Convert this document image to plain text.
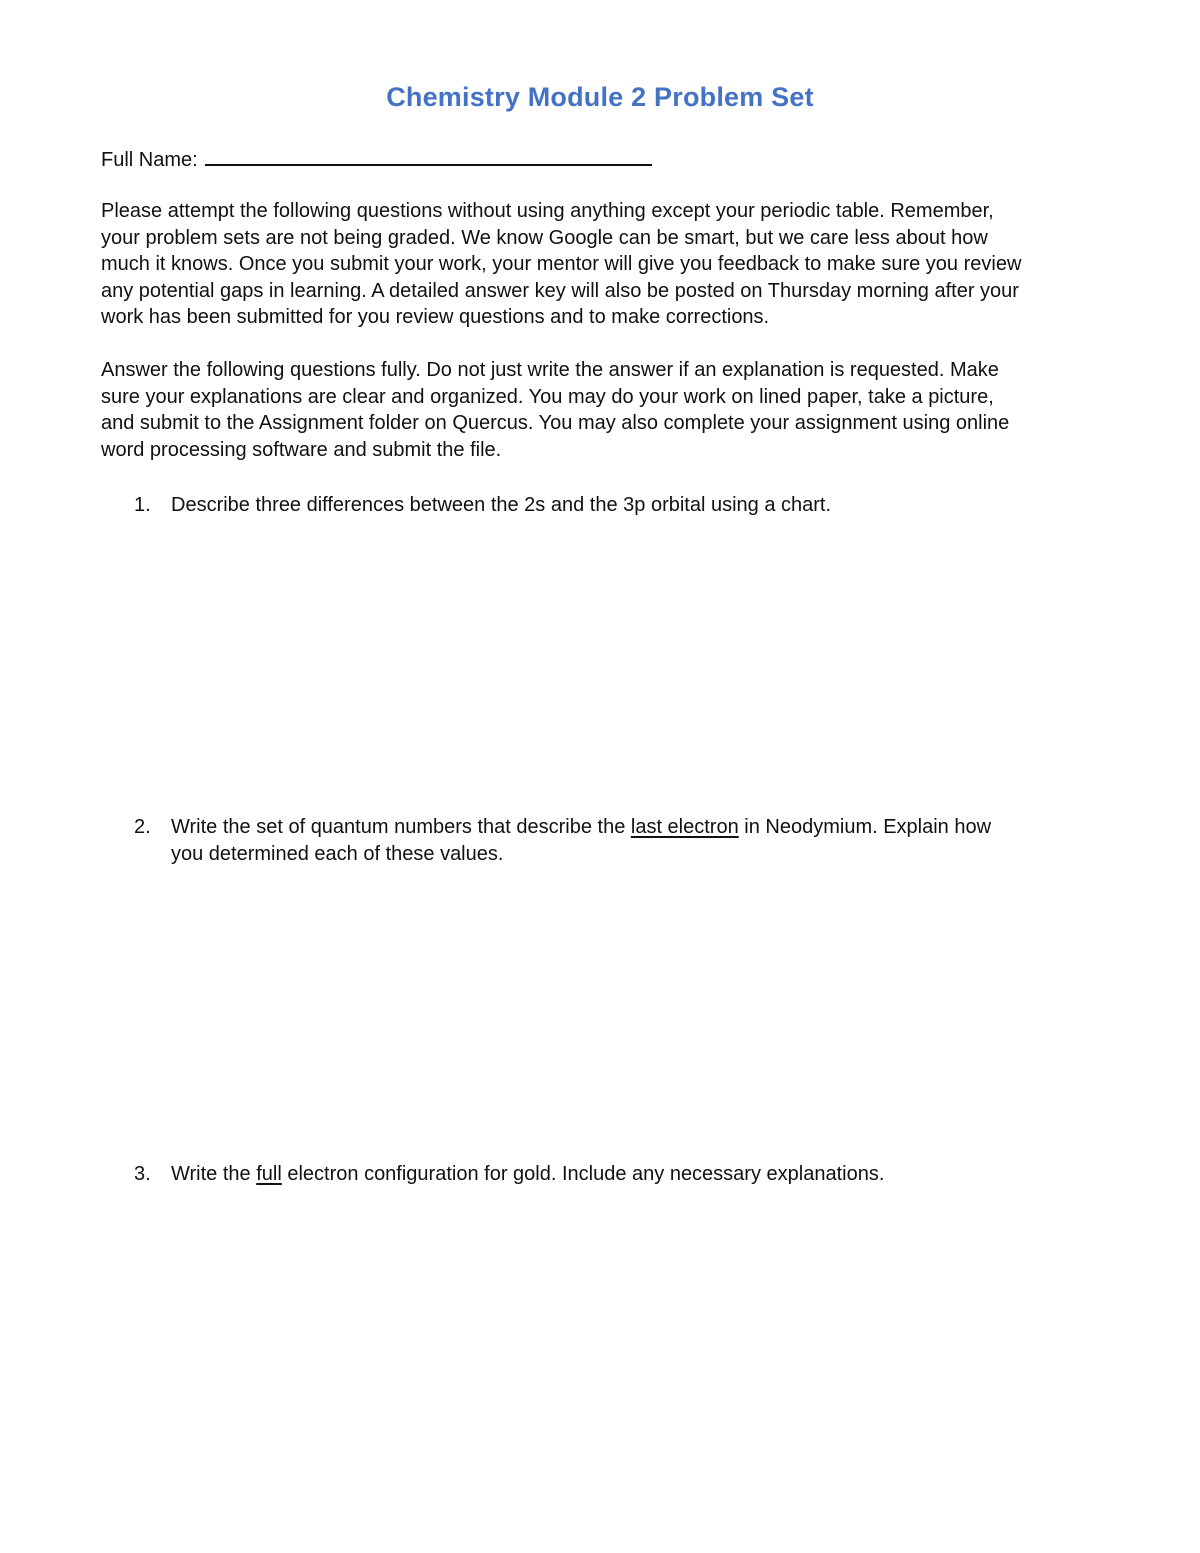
Chemistry Module 2 Problem Set
Full Name:
Please attempt the following questions without using anything except your periodic table. Remember,
your problem sets are not being graded. We know Google can be smart, but we care less about how
much it knows. Once you submit your work, your mentor will give you feedback to make sure you review
any potential gaps in learning. A detailed answer key will also be posted on Thursday morning after your
work has been submitted for you review questions and to make corrections.
Answer the following questions fully. Do not just write the answer if an explanation is requested. Make
sure your explanations are clear and organized. You may do your work on lined paper, take a picture,
and submit to the Assignment folder on Quercus. You may also complete your assignment using online
word processing software and submit the file.
1. Describe three differences between the 2s and the 3p orbital using a chart.
2. Write the set of quantum numbers that describe the last electron in Neodymium. Explain how
you determined each of these values.
3. Write the full electron configuration for gold. Include any necessary explanations.
